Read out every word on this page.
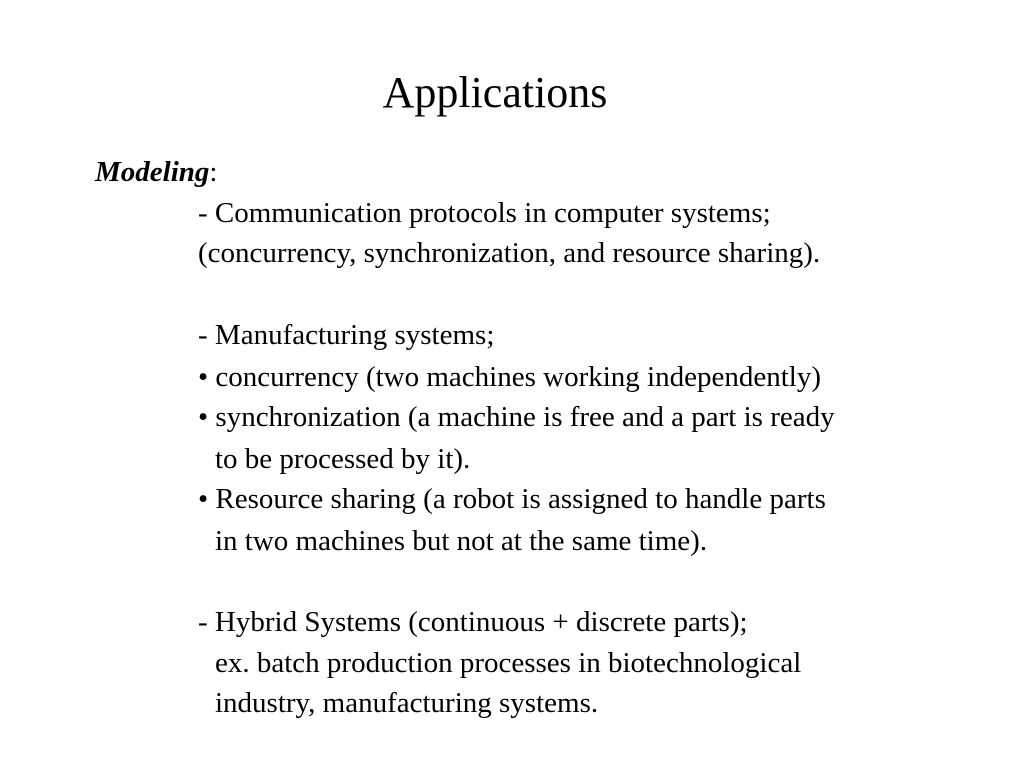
Applications
Modeling:
- Communication protocols in computer systems;
(concurrency, synchronization, and resource sharing).
- Manufacturing systems;
• concurrency (two machines working independently)
• synchronization (a machine is free and a part is ready
to be processed by it).
• Resource sharing (a robot is assigned to handle parts
in two machines but not at the same time).
- Hybrid Systems (continuous + discrete parts);
ex. batch production processes in biotechnological
industry, manufacturing systems.
